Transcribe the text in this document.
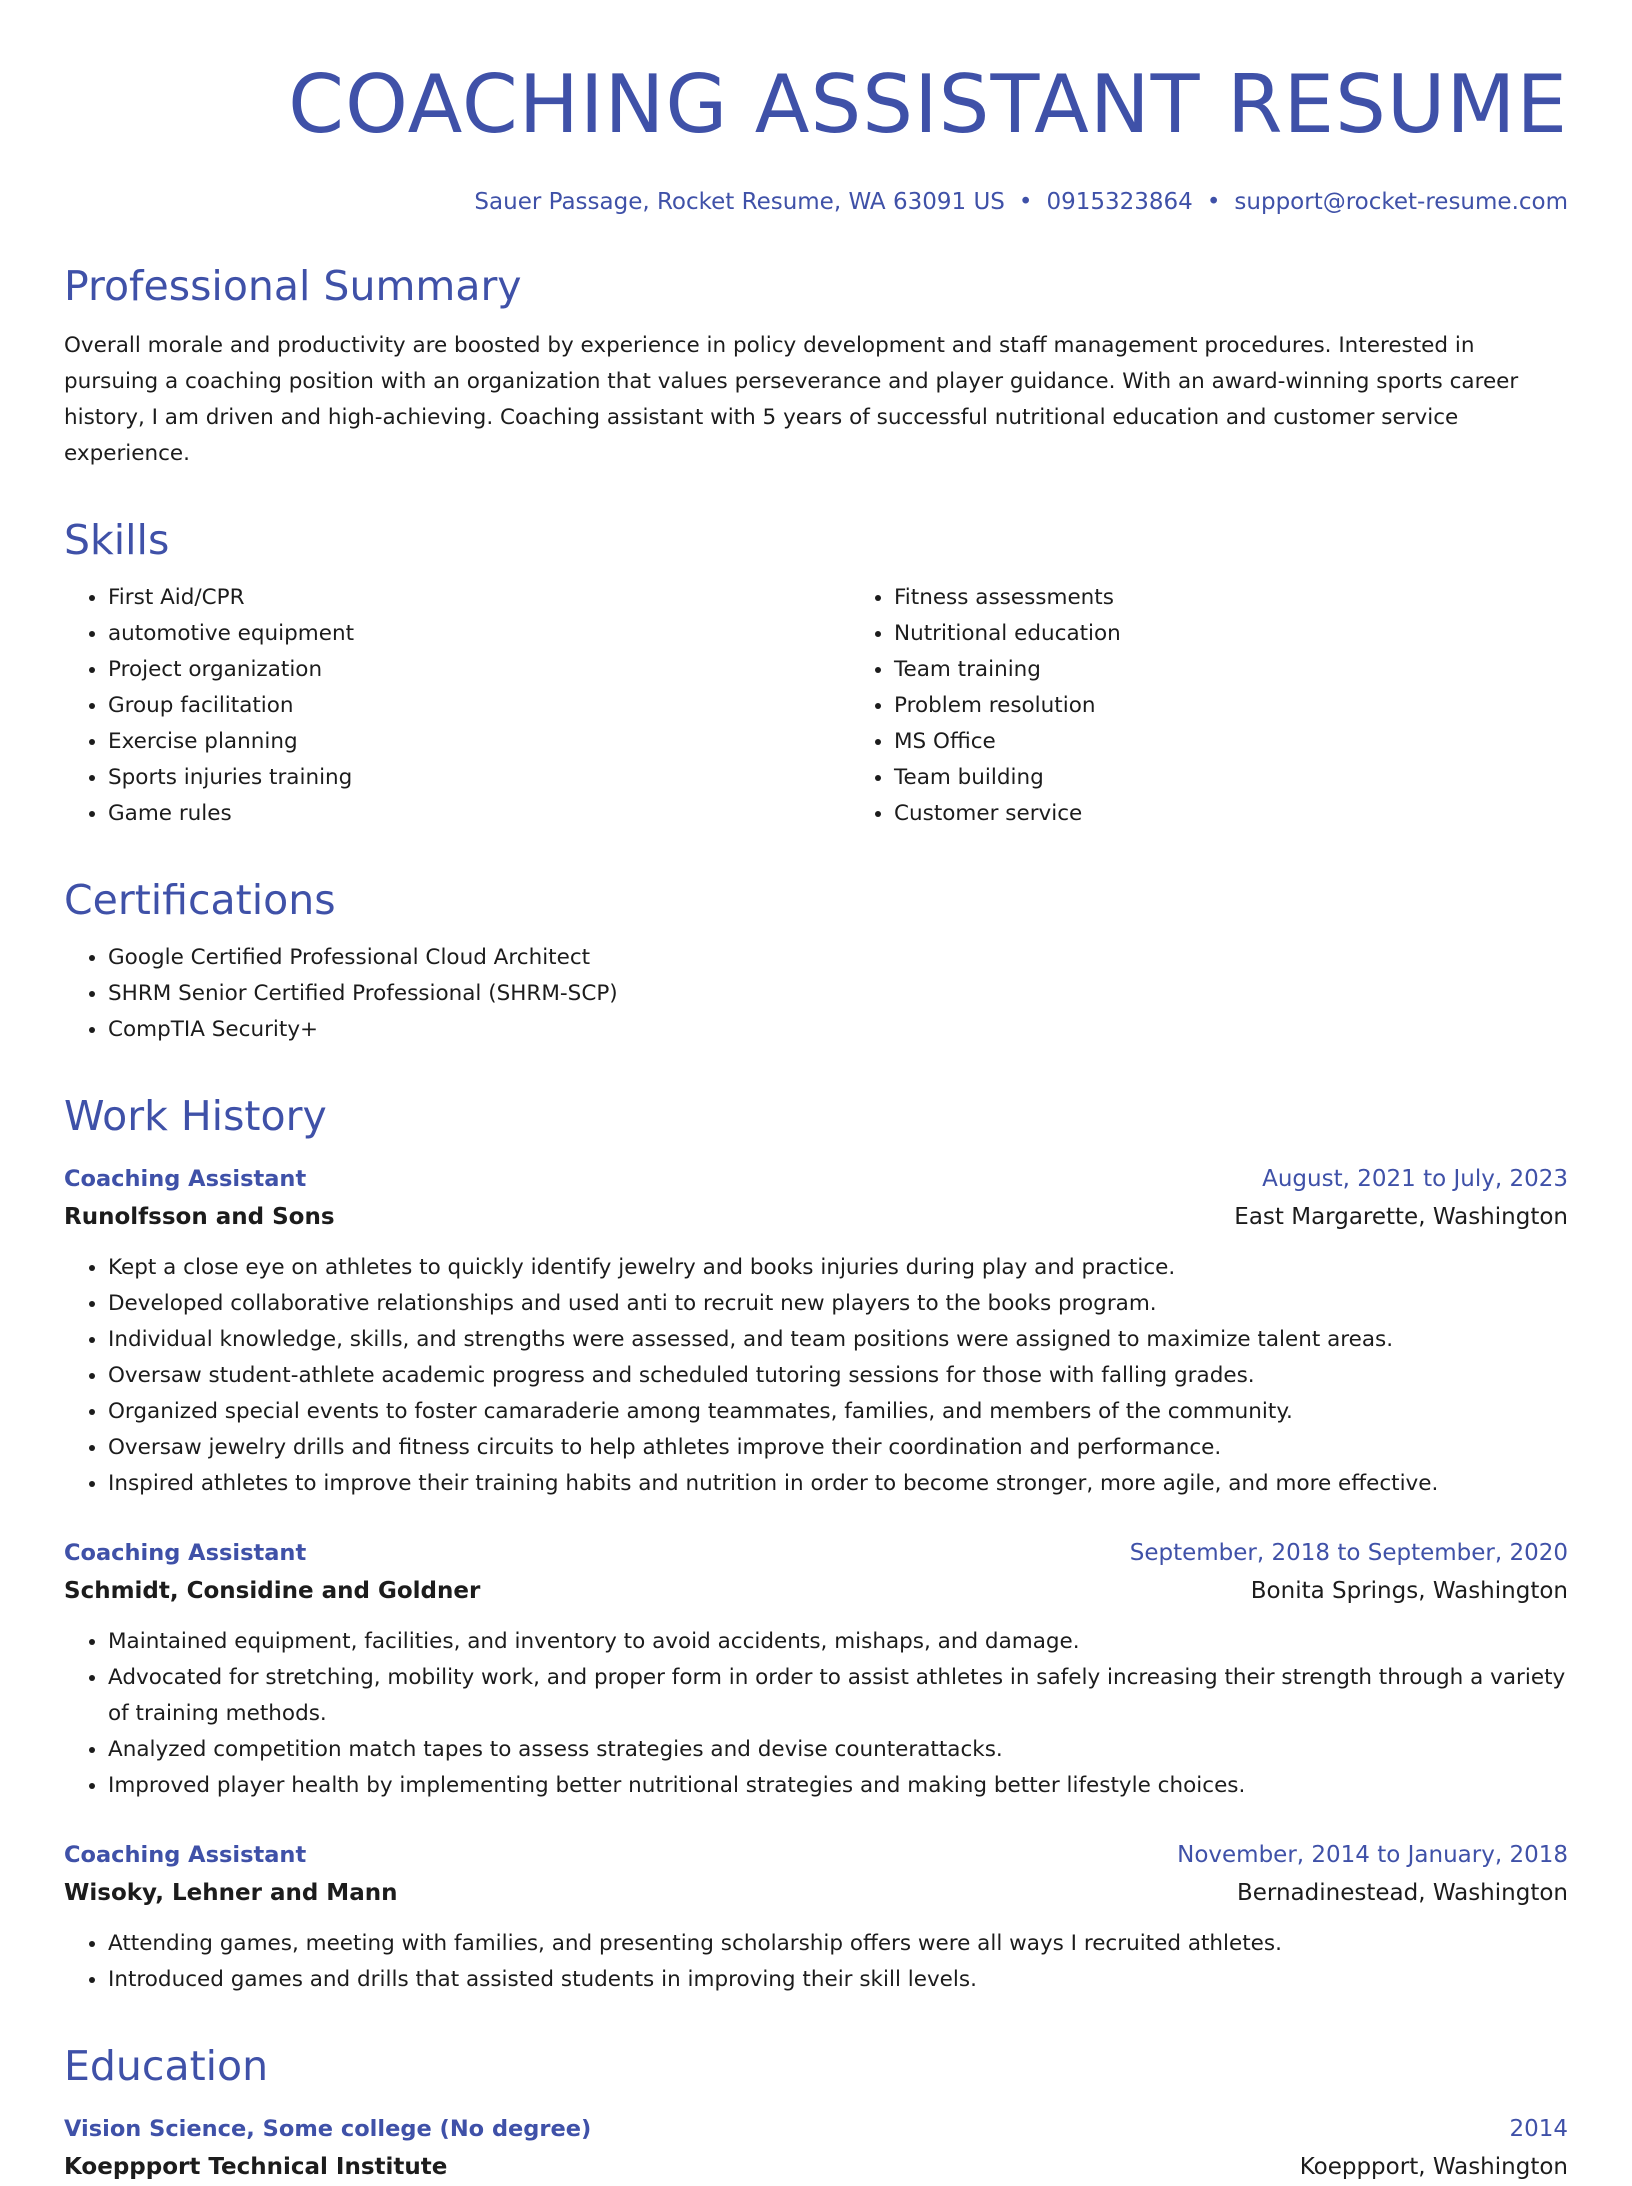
COACHING ASSISTANT RESUME
Sauer Passage, Rocket Resume, WA 63091 US • 0915323864 • support@rocket-resume.com
Professional Summary

Overall morale and productivity are boosted by experience in policy development and staff management procedures. Interested in pursuing a coaching position with an organization that values perseverance and player guidance. With an award-winning sports career history, I am driven and high-achieving. Coaching assistant with 5 years of successful nutritional education and customer service experience.

Skills
• First Aid/CPR
• automotive equipment
• Project organization
• Group facilitation
• Exercise planning
• Sports injuries training
• Game rules
• Fitness assessments
• Nutritional education
• Team training
• Problem resolution
• MS Office
• Team building
• Customer service
Certifications
• Google Certified Professional Cloud Architect
• SHRM Senior Certified Professional (SHRM-SCP)
• CompTIA Security+
Work History
Coaching Assistant	August, 2021 to July, 2023
Runolfsson and Sons	East Margarette, Washington
• Kept a close eye on athletes to quickly identify jewelry and books injuries during play and practice.
• Developed collaborative relationships and used anti to recruit new players to the books program.
• Individual knowledge, skills, and strengths were assessed, and team positions were assigned to maximize talent areas.
• Oversaw student-athlete academic progress and scheduled tutoring sessions for those with falling grades.
• Organized special events to foster camaraderie among teammates, families, and members of the community.
• Oversaw jewelry drills and fitness circuits to help athletes improve their coordination and performance.
• Inspired athletes to improve their training habits and nutrition in order to become stronger, more agile, and more effective.
Coaching Assistant	September, 2018 to September, 2020
Schmidt, Considine and Goldner	Bonita Springs, Washington
• Maintained equipment, facilities, and inventory to avoid accidents, mishaps, and damage.
• Advocated for stretching, mobility work, and proper form in order to assist athletes in safely increasing their strength through a variety of training methods.
• Analyzed competition match tapes to assess strategies and devise counterattacks.
• Improved player health by implementing better nutritional strategies and making better lifestyle choices.
Coaching Assistant	November, 2014 to January, 2018
Wisoky, Lehner and Mann	Bernadinestead, Washington
• Attending games, meeting with families, and presenting scholarship offers were all ways I recruited athletes.
• Introduced games and drills that assisted students in improving their skill levels.
Education
Vision Science, Some college (No degree)	2014
Koeppport Technical Institute	Koeppport, Washington
